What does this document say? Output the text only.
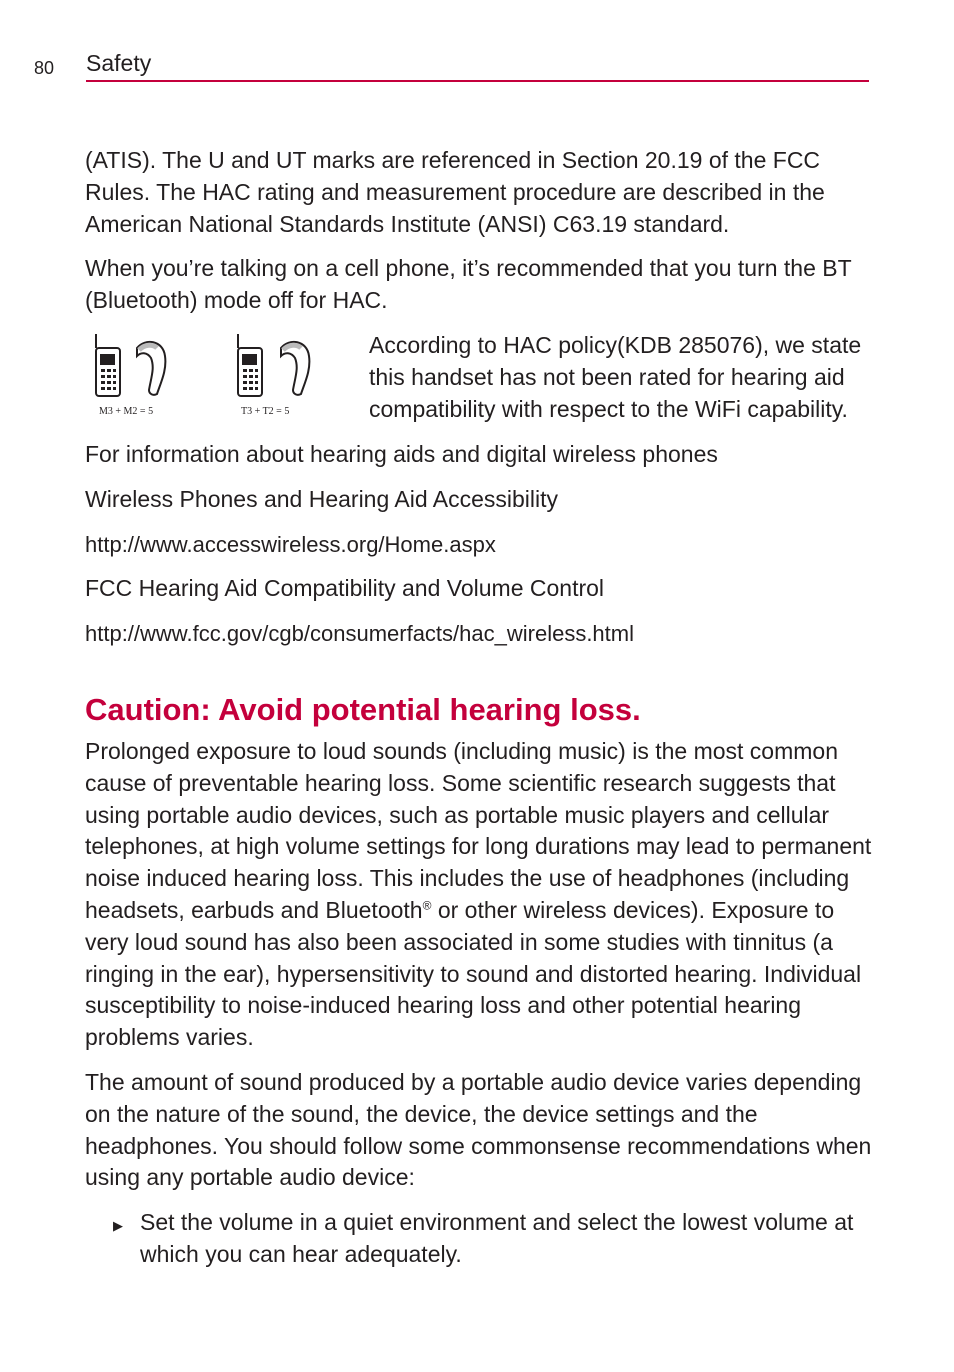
80 Safety

(ATIS). The U and UT marks are referenced in Section 20.19 of the FCC Rules. The HAC rating and measurement procedure are described in the American National Standards Institute (ANSI) C63.19 standard.

When you’re talking on a cell phone, it’s recommended that you turn the BT (Bluetooth) mode off for HAC.

M3 + M2 = 5	T3 + T2 = 5

According to HAC policy(KDB 285076), we state this handset has not been rated for hearing aid compatibility with respect to the WiFi capability.

For information about hearing aids and digital wireless phones

Wireless Phones and Hearing Aid Accessibility

http://www.accesswireless.org/Home.aspx

FCC Hearing Aid Compatibility and Volume Control

http://www.fcc.gov/cgb/consumerfacts/hac_wireless.html

Caution: Avoid potential hearing loss.

Prolonged exposure to loud sounds (including music) is the most common cause of preventable hearing loss. Some scientific research suggests that using portable audio devices, such as portable music players and cellular telephones, at high volume settings for long durations may lead to permanent noise induced hearing loss. This includes the use of headphones (including headsets, earbuds and Bluetooth® or other wireless devices). Exposure to very loud sound has also been associated in some studies with tinnitus (a ringing in the ear), hypersensitivity to sound and distorted hearing. Individual susceptibility to noise-induced hearing loss and other potential hearing problems varies.

The amount of sound produced by a portable audio device varies depending on the nature of the sound, the device, the device settings and the headphones. You should follow some commonsense recommendations when using any portable audio device:

▶ Set the volume in a quiet environment and select the lowest volume at which you can hear adequately.
